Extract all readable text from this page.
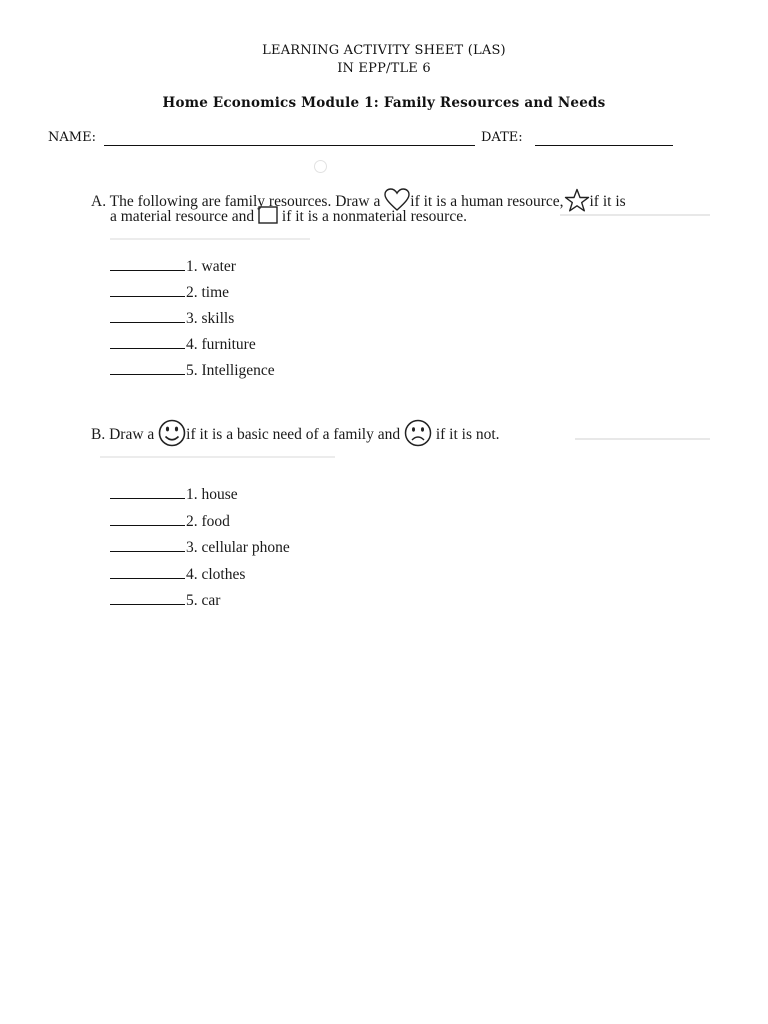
LEARNING ACTIVITY SHEET (LAS)
IN EPP/TLE 6
Home Economics Module 1: Family Resources and Needs
NAME:	DATE:
A. The following are family resources. Draw a if it is a human resource, if it is
a material resource and if it is a nonmaterial resource.
1. water
2. time
3. skills
4. furniture
5. Intelligence
B. Draw a if it is a basic need of a family and if it is not.
1. house
2. food
3. cellular phone
4. clothes
5. car
